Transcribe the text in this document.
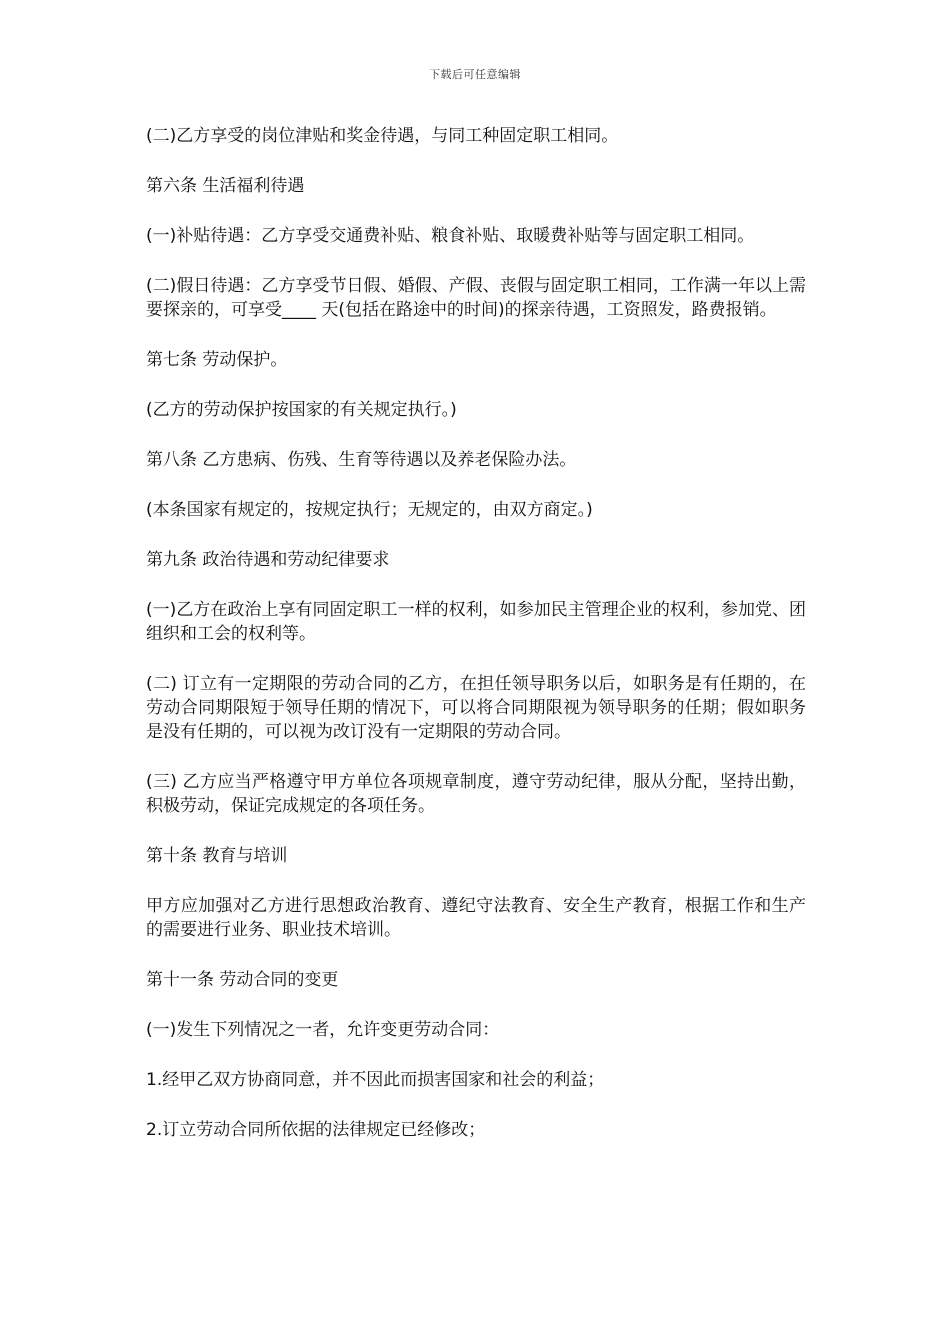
下载后可任意编辑

(二)乙方享受的岗位津贴和奖金待遇，与同工种固定职工相同。

第六条 生活福利待遇

(一)补贴待遇：乙方享受交通费补贴、粮食补贴、取暖费补贴等与固定职工相同。

(二)假日待遇：乙方享受节日假、婚假、产假、丧假与固定职工相同，工作满一年以上需要探亲的，可享受____ 天(包括在路途中的时间)的探亲待遇，工资照发，路费报销。

第七条 劳动保护。

(乙方的劳动保护按国家的有关规定执行。)

第八条 乙方患病、伤残、生育等待遇以及养老保险办法。

(本条国家有规定的，按规定执行；无规定的，由双方商定。)

第九条 政治待遇和劳动纪律要求

(一)乙方在政治上享有同固定职工一样的权利，如参加民主管理企业的权利，参加党、团组织和工会的权利等。

(二) 订立有一定期限的劳动合同的乙方，在担任领导职务以后，如职务是有任期的，在劳动合同期限短于领导任期的情况下，可以将合同期限视为领导职务的任期；假如职务是没有任期的，可以视为改订没有一定期限的劳动合同。

(三) 乙方应当严格遵守甲方单位各项规章制度，遵守劳动纪律，服从分配，坚持出勤，积极劳动，保证完成规定的各项任务。

第十条 教育与培训

甲方应加强对乙方进行思想政治教育、遵纪守法教育、安全生产教育，根据工作和生产的需要进行业务、职业技术培训。

第十一条 劳动合同的变更

(一)发生下列情况之一者，允许变更劳动合同：

1.经甲乙双方协商同意，并不因此而损害国家和社会的利益；

2.订立劳动合同所依据的法律规定已经修改；
